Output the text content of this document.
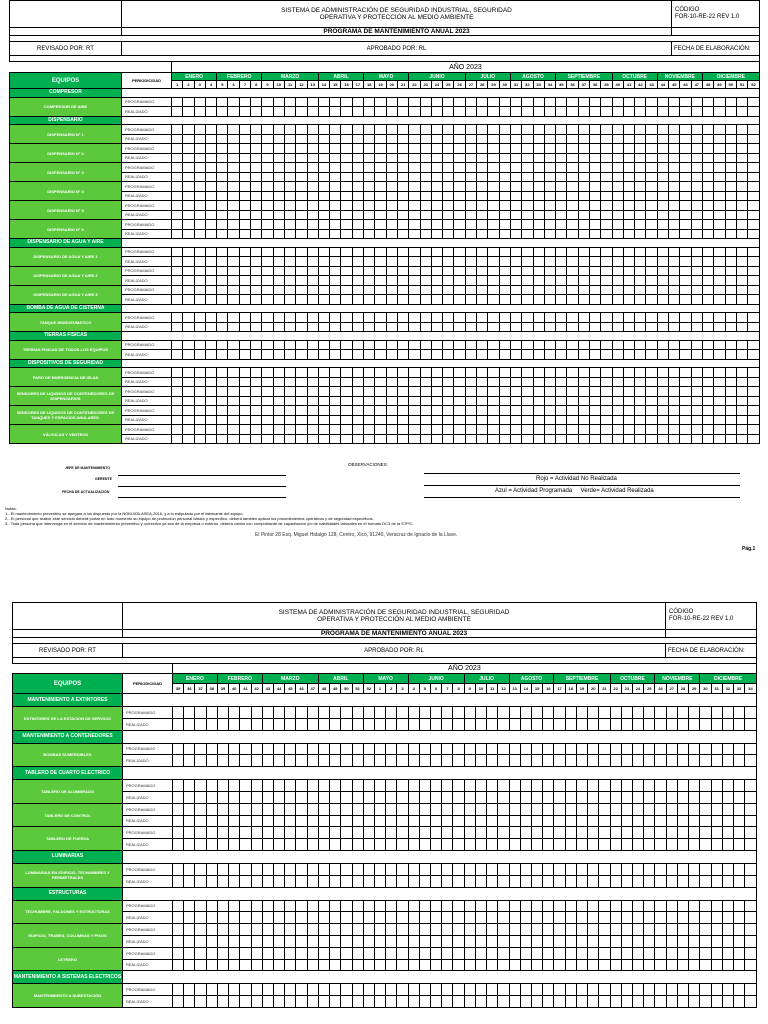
	SISTEMA DE ADMINISTRACIÓN DE SEGURIDAD INDUSTRIAL, SEGURIDAD OPERATIVA Y PROTECCIÓN AL MEDIO AMBIENTE	CÓDIGO
FOR-10-RE-22 REV 1.0

	PROGRAMA DE MANTENIMIENTO ANUAL 2023	

REVISADO POR: RT	APROBADO POR: RL	FECHA DE ELABORACIÓN:

		AÑO 2023																																																			
EQUIPOS	PERIODICIDAD	ENERO				FEBRERO				MARZO					ABRIL				MAYO				JUNIO					JULIO				AGOSTO				SEPTIEMBRE					OCTUBRE				NOVIEMBRE				DICIEMBRE				
		1	2	3	4	5	6	7	8	9	10	11	12	13	14	15	16	17	18	19	20	21	22	23	24	25	26	27	28	29	30	31	32	33	34	35	36	37	38	39	40	41	42	43	44	45	46	47	48	49	50	51	52
COMPRESOR																																																					
COMPRESOR DE AIRE	PROGRAMADO																																																				
	REALIZADO																																																				
DISPENSARIO																																																					
DISPENSARIO N° 1	PROGRAMADO																																																				
	REALIZADO																																																				
DISPENSARIO N° 2	PROGRAMADO																																																				
	REALIZADO																																																				
DISPENSARIO N° 3	PROGRAMADO																																																				
	REALIZADO																																																				
DISPENSARIO N° 4	PROGRAMADO																																																				
	REALIZADO																																																				
DISPENSARIO N° 5	PROGRAMADO																																																				
	REALIZADO																																																				
DISPENSARIO N° 6	PROGRAMADO																																																				
	REALIZADO																																																				
DISPENSARIO DE AGUA Y AIRE																																																					
DISPENSARIO DE AGUA Y AIRE 1	PROGRAMADO																																																				
	REALIZADO																																																				
DISPENSARIO DE AGUA Y AIRE 2	PROGRAMADO																																																				
	REALIZADO																																																				
DISPENSARIO DE AGUA Y AIRE 3	PROGRAMADO																																																				
	REALIZADO																																																				
BOMBA DE AGUA DE CISTERNA																																																					
TANQUE HIDROEUMATICO	PROGRAMADO																																																				
	REALIZADO																																																				
TIERRAS FISICAS																																																					
TIERRAS FISICAS DE TODOS LOS EQUIPOS	PROGRAMADO																																																				
	REALIZADO																																																				
DISPOSITIVOS DE SEGURIDAD																																																					
PARO DE EMERGENCIA DE ISLAS	PROGRAMADO																																																				
	REALIZADO																																																				
SENSORES DE LIQUIDOS DE CONTENEDORES DE DISPENSARIOS	PROGRAMADO																																																				
	REALIZADO																																																				
SENSORES DE LIQUIDOS DE CONTENEDORES DE TANQUES Y ESPACIOS ANULARES.	PROGRAMADO																																																				
	REALIZADO																																																				
VÁLVULAS Y VENTEOS	PROGRAMADO																																																				
	REALIZADO																																																				
JEFE DE MANTENIMIENTO
GERENTE
FECHA DE ACTUALIZACIÓN
OBSERVACIONES:
Rojo = Actividad No Realizada
Azul = Actividad Programada     Verde= Actividad Realizada
Notas:
1.- El mantenimiento preventivo se apegara a los dispuesto por la NOM-005-ASEA-2016, y a lo estipulado por el fabricante del equipo.
2.- El personal que realice este servicio deberá portar en todo momento su equipo de protección personal básico y específico, deberá también aplicar los procedimientos operativos y de seguridad específicos.
3.- Toda persona que intervenga en el servicio de mantenimiento preventivo y correctivo ya sea de la empresa o externo, deberá contar con comprobante de capacitación y/o de habilidades laborales en el formato DC3 de la STPS.
El Pintor 28 Esq. Miguel Hidalgo 128, Centro, Xico, 91240, Veracruz de Ignacio de la Llave.
Pág.1
	SISTEMA DE ADMINISTRACIÓN DE SEGURIDAD INDUSTRIAL, SEGURIDAD OPERATIVA Y PROTECCIÓN AL MEDIO AMBIENTE	CÓDIGO
FOR-10-RE-22 REV 1.0

	PROGRAMA DE MANTENIMIENTO ANUAL 2023	

REVISADO POR: RT	APROBADO POR: RL	FECHA DE ELABORACIÓN:

		AÑO 2023																																																			
EQUIPOS	PERIODICIDAD	ENERO				FEBRERO				MARZO					ABRIL				MAYO				JUNIO					JULIO				AGOSTO				SEPTIEMBRE					OCTUBRE				NOVIEMBRE				DICIEMBRE				
		35	36	37	38	39	40	41	42	43	44	45	46	47	48	49	50	51	52	1	2	3	4	5	6	7	8	9	10	11	12	13	14	15	16	17	18	19	20	21	22	23	24	25	26	27	28	29	30	31	32	33	34
MANTENIMIENTO A EXTINTORES																																																					
EXTINTORES DE LA ESTACION DE SERVICIO	PROGRAMADO																																																				
	REALIZADO																																																				
MANTENIMIENTO A CONTENEDORES																																																					
BOMBAS SUMERGIBLES	PROGRAMADO																																																				
	REALIZADO																																																				
TABLERO DE CUARTO ELECTRICO																																																					
TABLERO DE ALUMBRADO	PROGRAMADO																																																				
	REALIZADO																																																				
TABLERO DE CONTROL	PROGRAMADO																																																				
	REALIZADO																																																				
TABLERO DE FUERZA	PROGRAMADO																																																				
	REALIZADO																																																				
LUMINARIAS																																																					
LUMINARIAS EN EDIFICIO, TECHUMBRES Y PERIMETRALES	PROGRAMADO																																																				
	REALIZADO																																																				
ESTRUCTURAS																																																					
TECHUMBRE, FALDONES Y ESTRUCTURAS	PROGRAMADO																																																				
	REALIZADO																																																				
EDIFICIO, TRABES, COLUMNAS Y PISOS	PROGRAMADO																																																				
	REALIZADO																																																				
LETRERO	PROGRAMADO																																																				
	REALIZADO																																																				
MANTENIMIENTO A SISTEMAS ELECTRICOS																																																					
MANTENIMIENTO A SUBESTACIÓN	PROGRAMADO																																																				
	REALIZADO																																																				
